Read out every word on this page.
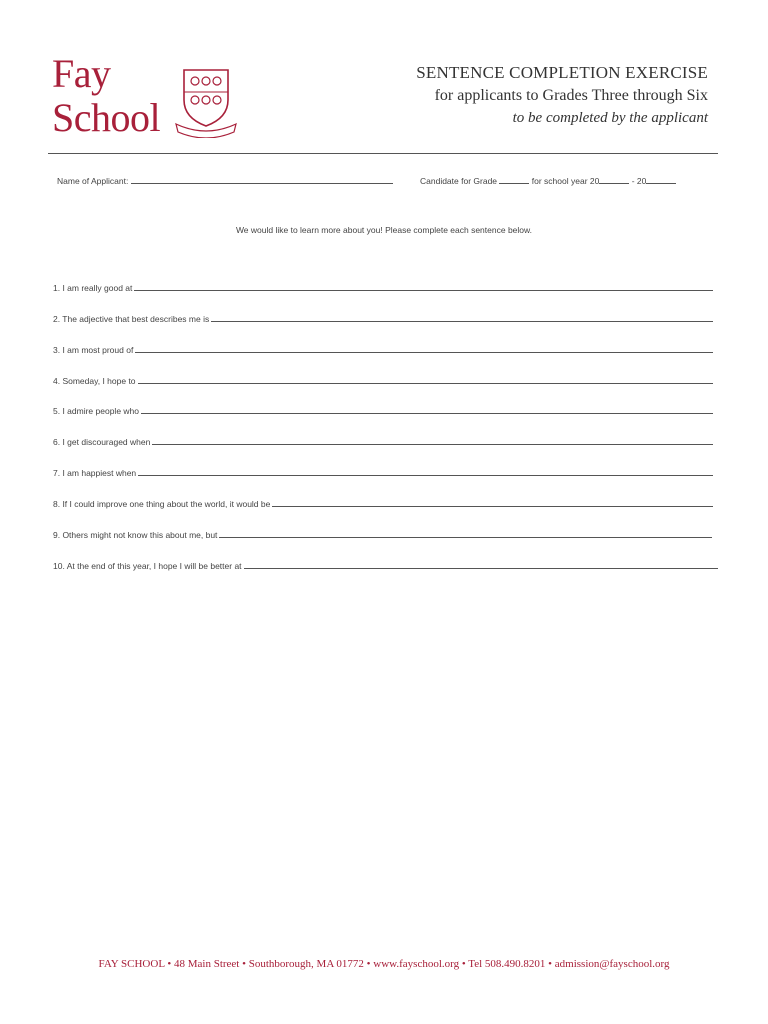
Fay
School
SENTENCE COMPLETION EXERCISE
for applicants to Grades Three through Six
to be completed by the applicant
Name of Applicant:	Candidate for Grade	for school year 20	- 20
We would like to learn more about you! Please complete each sentence below.
1. I am really good at
2. The adjective that best describes me is
3. I am most proud of
4. Someday, I hope to
5. I admire people who
6. I get discouraged when
7. I am happiest when
8. If I could improve one thing about the world, it would be
9. Others might not know this about me, but
10. At the end of this year, I hope I will be better at
FAY SCHOOL • 48 Main Street • Southborough, MA 01772 • www.fayschool.org • Tel 508.490.8201 • admission@fayschool.org
